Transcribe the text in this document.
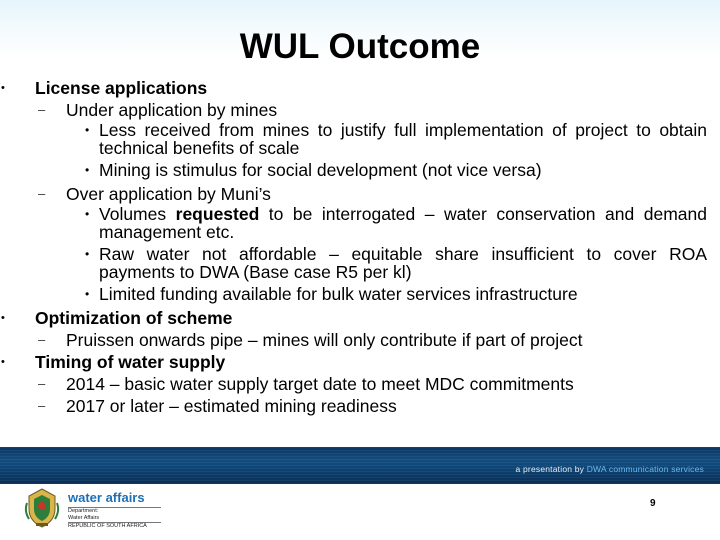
WUL Outcome
• License applications
– Under application by mines
• Less received from mines to justify full implementation of project to obtain technical benefits of scale
• Mining is stimulus for social development (not vice versa)
– Over application by Muni’s
• Volumes requested to be interrogated – water conservation and demand management etc.
• Raw water not affordable – equitable share insufficient to cover ROA payments to DWA (Base case R5 per kl)
• Limited funding available for bulk water services infrastructure
• Optimization of scheme
– Pruissen onwards pipe – mines will only contribute if part of project
• Timing of water supply
– 2014 – basic water supply target date to meet MDC commitments
– 2017 or later – estimated mining readiness
a presentation by DWA communication services
water affairs
Department:
Water Affairs
REPUBLIC OF SOUTH AFRICA
9
